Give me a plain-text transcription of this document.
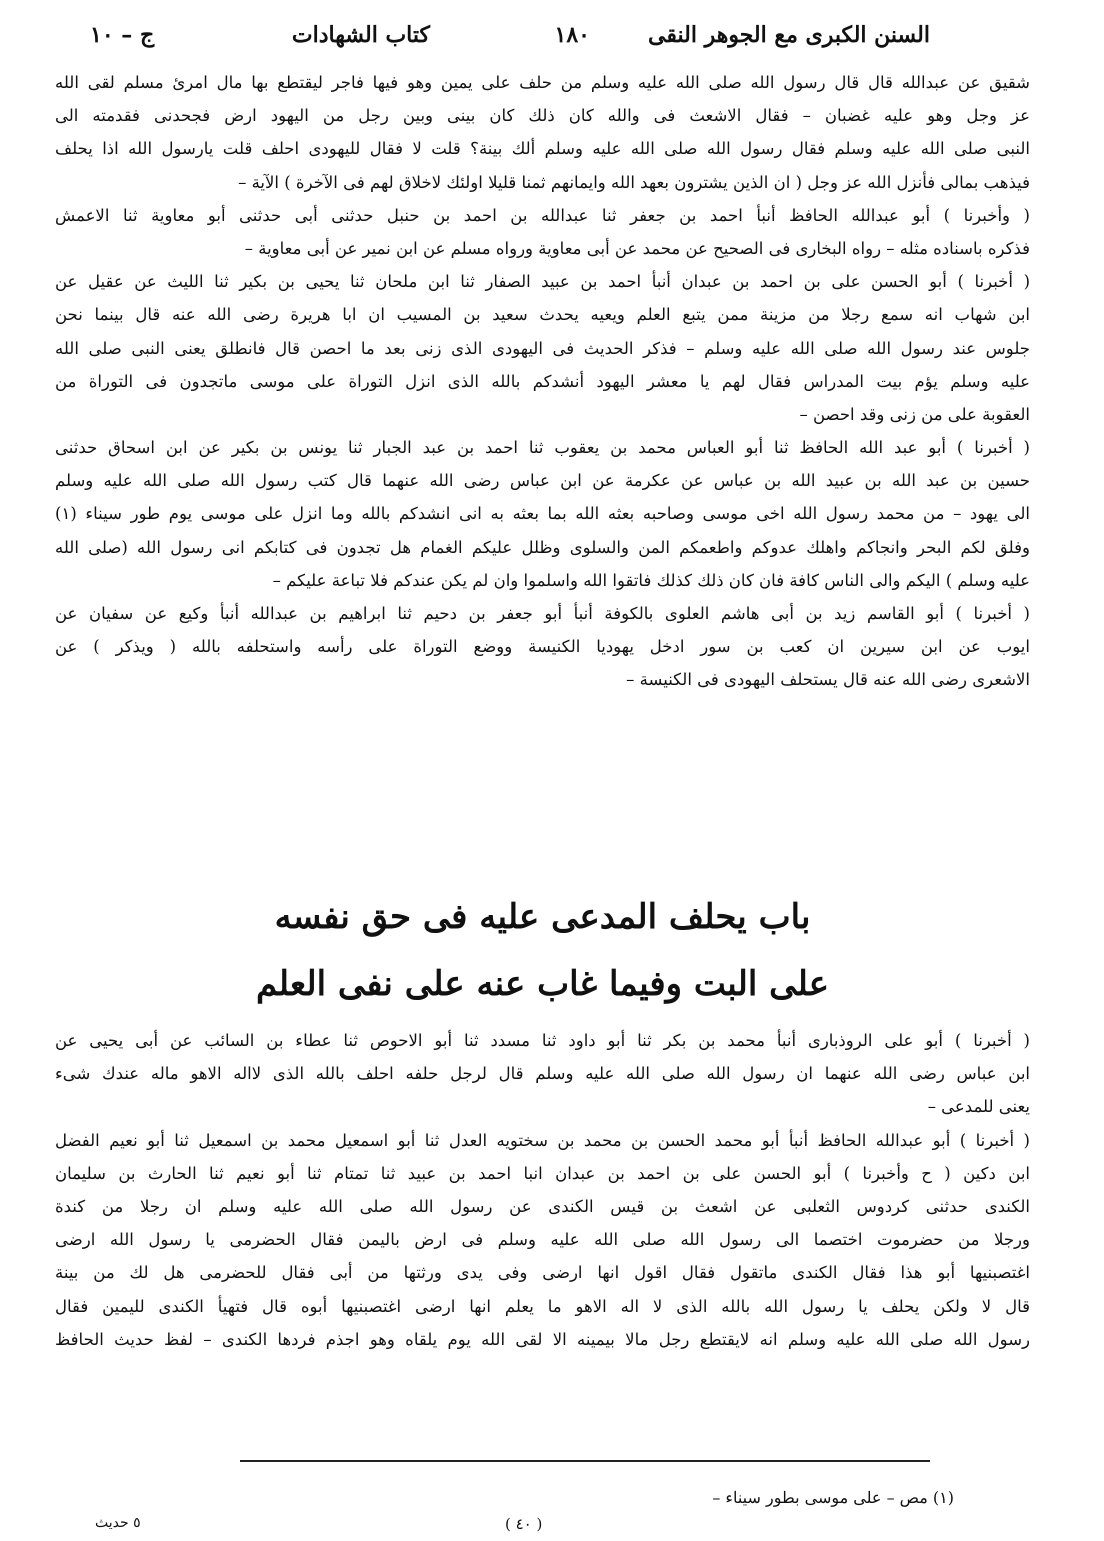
السنن الكبرى مع الجوهر النقى
١٨٠
كتاب الشهادات
ج – ١٠
شقيق عن عبدالله قال قال رسول الله صلى الله عليه وسلم من حلف على يمين وهو فيها فاجر ليقتطع بها مال امرئ مسلم لقى الله
عز وجل وهو عليه غضبان – فقال الاشعث فى والله كان ذلك كان بينى وبين رجل من اليهود ارض فجحدنى فقدمته الى
النبى صلى الله عليه وسلم فقال رسول الله صلى الله عليه وسلم ألك بينة؟ قلت لا فقال لليهودى احلف قلت يارسول الله اذا يحلف
فيذهب بمالى فأنزل الله عز وجل ( ان الذين يشترون بعهد الله وايمانهم ثمنا قليلا اولئك لاخلاق لهم فى الآخرة ) الآية –
( وأخبرنا ) أبو عبدالله الحافظ أنبأ احمد بن جعفر ثنا عبدالله بن احمد بن حنبل حدثنى أبى حدثنى أبو معاوية ثنا الاعمش
فذكره باسناده مثله – رواه البخارى فى الصحيح عن محمد عن أبى معاوية ورواه مسلم عن ابن نمير عن أبى معاوية –
( أخبرنا ) أبو الحسن على بن احمد بن عبدان أنبأ احمد بن عبيد الصفار ثنا ابن ملحان ثنا يحيى بن بكير ثنا الليث عن عقيل عن
ابن شهاب انه سمع رجلا من مزينة ممن يتبع العلم ويعيه يحدث سعيد بن المسيب ان ابا هريرة رضى الله عنه قال بينما نحن
جلوس عند رسول الله صلى الله عليه وسلم – فذكر الحديث فى اليهودى الذى زنى بعد ما احصن قال فانطلق يعنى النبى صلى الله
عليه وسلم يؤم بيت المدراس فقال لهم يا معشر اليهود أنشدكم بالله الذى انزل التوراة على موسى ماتجدون فى التوراة من
العقوبة على من زنى وقد احصن –
( أخبرنا ) أبو عبد الله الحافظ ثنا أبو العباس محمد بن يعقوب ثنا احمد بن عبد الجبار ثنا يونس بن بكير عن ابن اسحاق حدثنى
حسين بن عبد الله بن عبيد الله بن عباس عن عكرمة عن ابن عباس رضى الله عنهما قال كتب رسول الله صلى الله عليه وسلم
الى يهود – من محمد رسول الله اخى موسى وصاحبه بعثه الله بما بعثه به انى انشدكم بالله وما انزل على موسى يوم طور سيناء (١)
وفلق لكم البحر وانجاكم واهلك عدوكم واطعمكم المن والسلوى وظلل عليكم الغمام هل تجدون فى كتابكم انى رسول الله (صلى الله
عليه وسلم ) اليكم والى الناس كافة فان كان ذلك كذلك فاتقوا الله واسلموا وان لم يكن عندكم فلا تباعة عليكم –
( أخبرنا ) أبو القاسم زيد بن أبى هاشم العلوى بالكوفة أنبأ أبو جعفر بن دحيم ثنا ابراهيم بن عبدالله أنبأ وكيع عن سفيان عن
ايوب عن ابن سيرين ان كعب بن سور ادخل يهوديا الكنيسة ووضع التوراة على رأسه واستحلفه بالله ( ويذكر ) عن
الاشعرى رضى الله عنه قال يستحلف اليهودى فى الكنيسة –
باب يحلف المدعى عليه فى حق نفسه
على البت وفيما غاب عنه على نفى العلم
( أخبرنا ) أبو على الروذبارى أنبأ محمد بن بكر ثنا أبو داود ثنا مسدد ثنا أبو الاحوص ثنا عطاء بن السائب عن أبى يحيى عن
ابن عباس رضى الله عنهما ان رسول الله صلى الله عليه وسلم قال لرجل حلفه احلف بالله الذى لااله الاهو ماله عندك شىء
يعنى للمدعى –
( أخبرنا ) أبو عبدالله الحافظ أنبأ أبو محمد الحسن بن محمد بن سختويه العدل ثنا أبو اسمعيل محمد بن اسمعيل ثنا أبو نعيم الفضل
ابن دكين ( ح وأخبرنا ) أبو الحسن على بن احمد بن عبدان انبا احمد بن عبيد ثنا تمتام ثنا أبو نعيم ثنا الحارث بن سليمان
الكندى حدثنى كردوس الثعلبى عن اشعث بن قيس الكندى عن رسول الله صلى الله عليه وسلم ان رجلا من كندة
ورجلا من حضرموت اختصما الى رسول الله صلى الله عليه وسلم فى ارض باليمن فقال الحضرمى يا رسول الله ارضى
اغتصبنيها أبو هذا فقال الكندى ماتقول فقال اقول انها ارضى وفى يدى ورثتها من أبى فقال للحضرمى هل لك من بينة
قال لا ولكن يحلف يا رسول الله بالله الذى لا اله الاهو ما يعلم انها ارضى اغتصبنيها أبوه قال فتهيأ الكندى لليمين فقال
رسول الله صلى الله عليه وسلم انه لايقتطع رجل مالا بيمينه الا لقى الله يوم يلقاه وهو اجذم فردها الكندى – لفظ حديث الحافظ
(١) مص – على موسى بطور سيناء –
( ٤٠ )
٥ حديث
